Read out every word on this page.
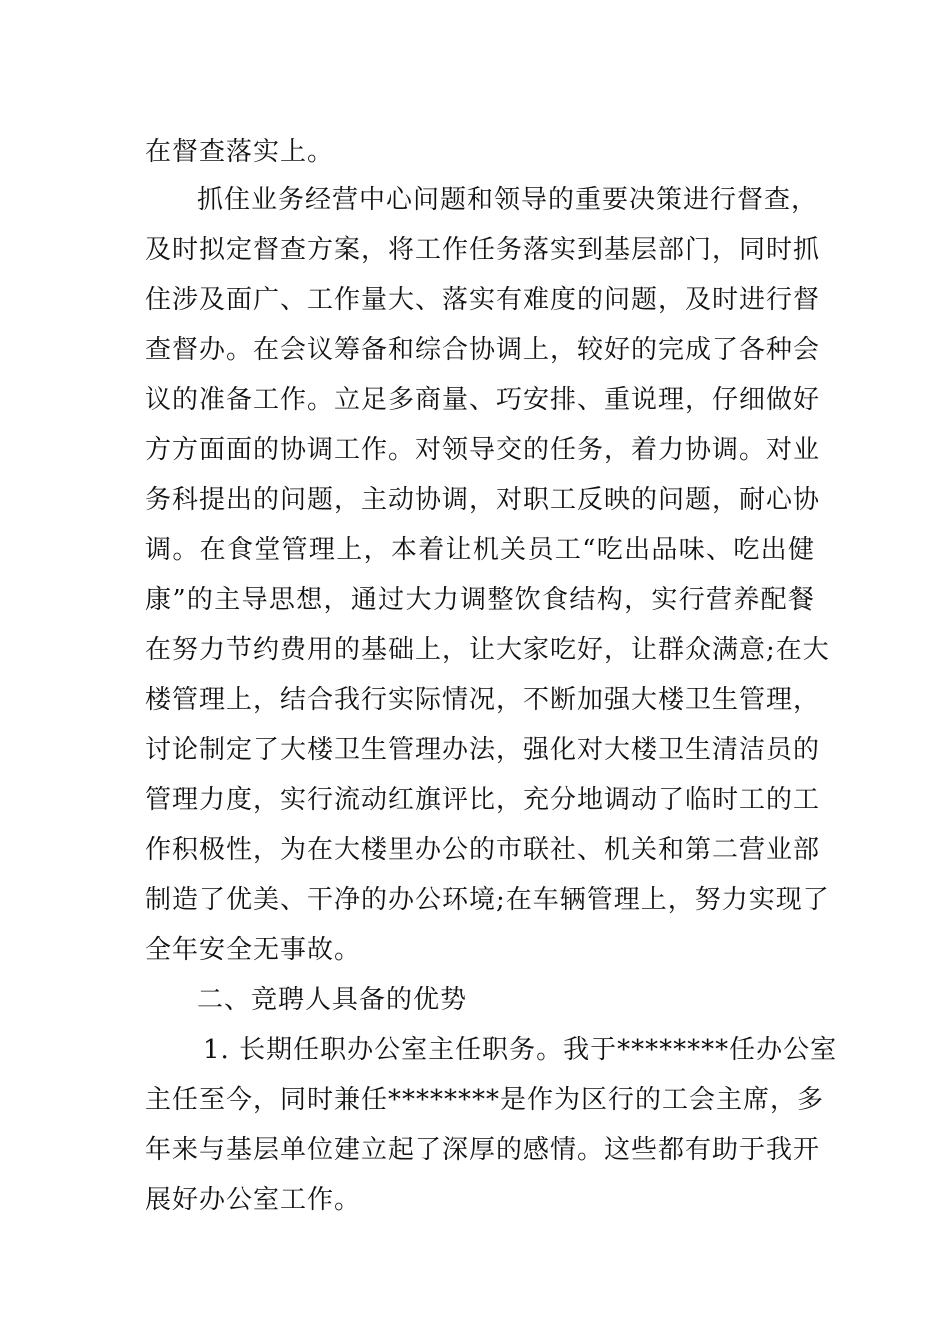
在督查落实上。
抓住业务经营中心问题和领导的重要决策进行督查，
及时拟定督查方案，将工作任务落实到基层部门，同时抓
住涉及面广、工作量大、落实有难度的问题，及时进行督
查督办。在会议筹备和综合协调上，较好的完成了各种会
议的准备工作。立足多商量、巧安排、重说理，仔细做好
方方面面的协调工作。对领导交的任务，着力协调。对业
务科提出的问题，主动协调，对职工反映的问题，耐心协
调。在食堂管理上，本着让机关员工“吃出品味、吃出健
康”的主导思想，通过大力调整饮食结构，实行营养配餐
在努力节约费用的基础上，让大家吃好，让群众满意;在大
楼管理上，结合我行实际情况，不断加强大楼卫生管理，
讨论制定了大楼卫生管理办法，强化对大楼卫生清洁员的
管理力度，实行流动红旗评比，充分地调动了临时工的工
作积极性，为在大楼里办公的市联社、机关和第二营业部
制造了优美、干净的办公环境;在车辆管理上，努力实现了
全年安全无事故。
二、竞聘人具备的优势
1. 长期任职办公室主任职务。我于********任办公室
主任至今，同时兼任********是作为区行的工会主席，多
年来与基层单位建立起了深厚的感情。这些都有助于我开
展好办公室工作。
